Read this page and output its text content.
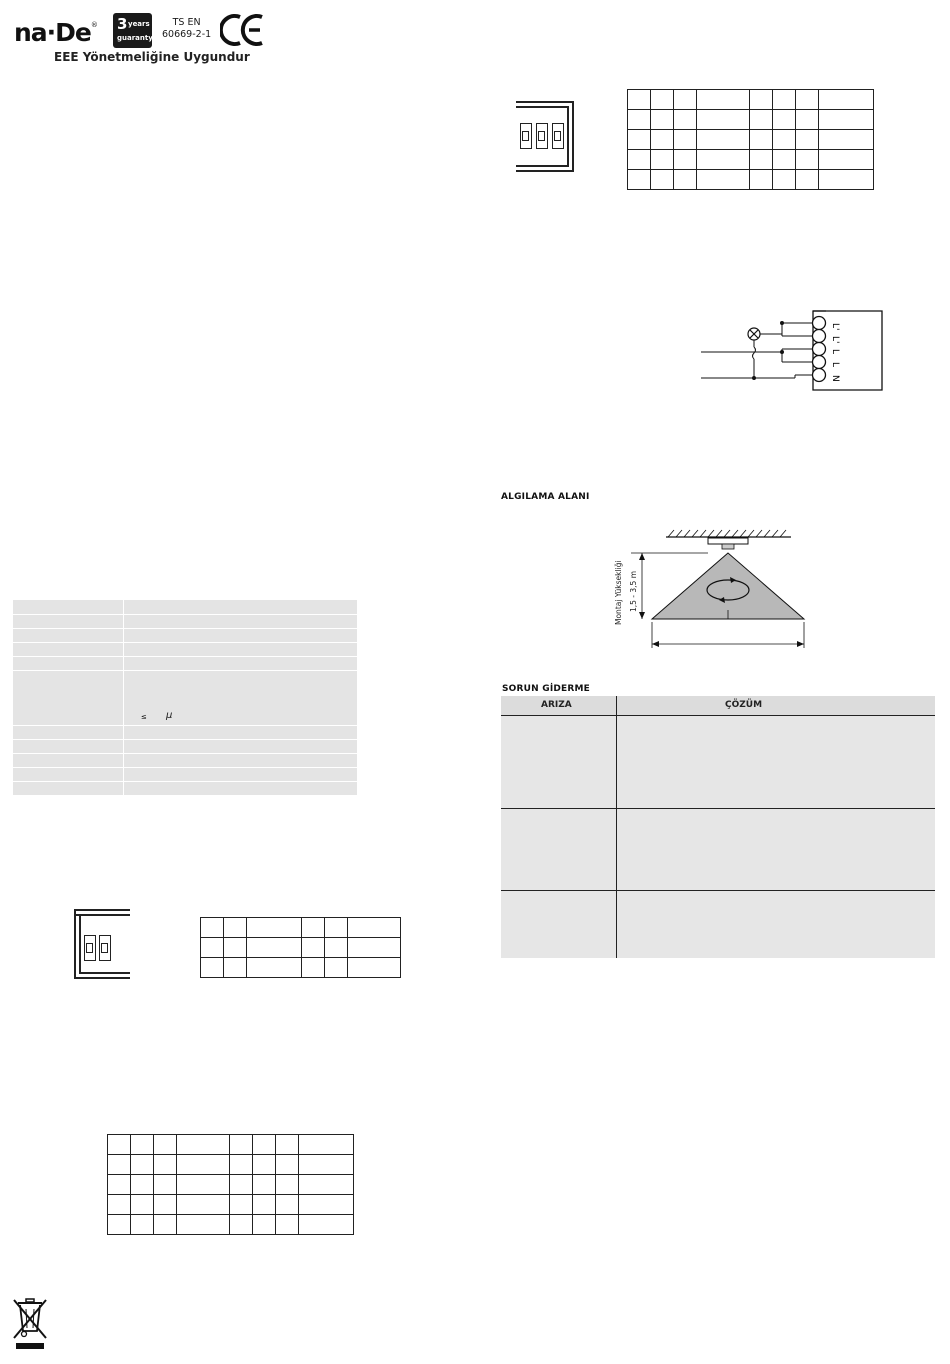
na·De® 3 years
guaranty
TS EN
60669-2-1
EEE Yönetmeliğine Uygundur
≤ μ

L'
L'
L
L
N
ALGILAMA ALANI
Montaj Yüksekliği 1,5 - 3,5 m
SORUN GİDERME
ARIZA	ÇÖZÜM
